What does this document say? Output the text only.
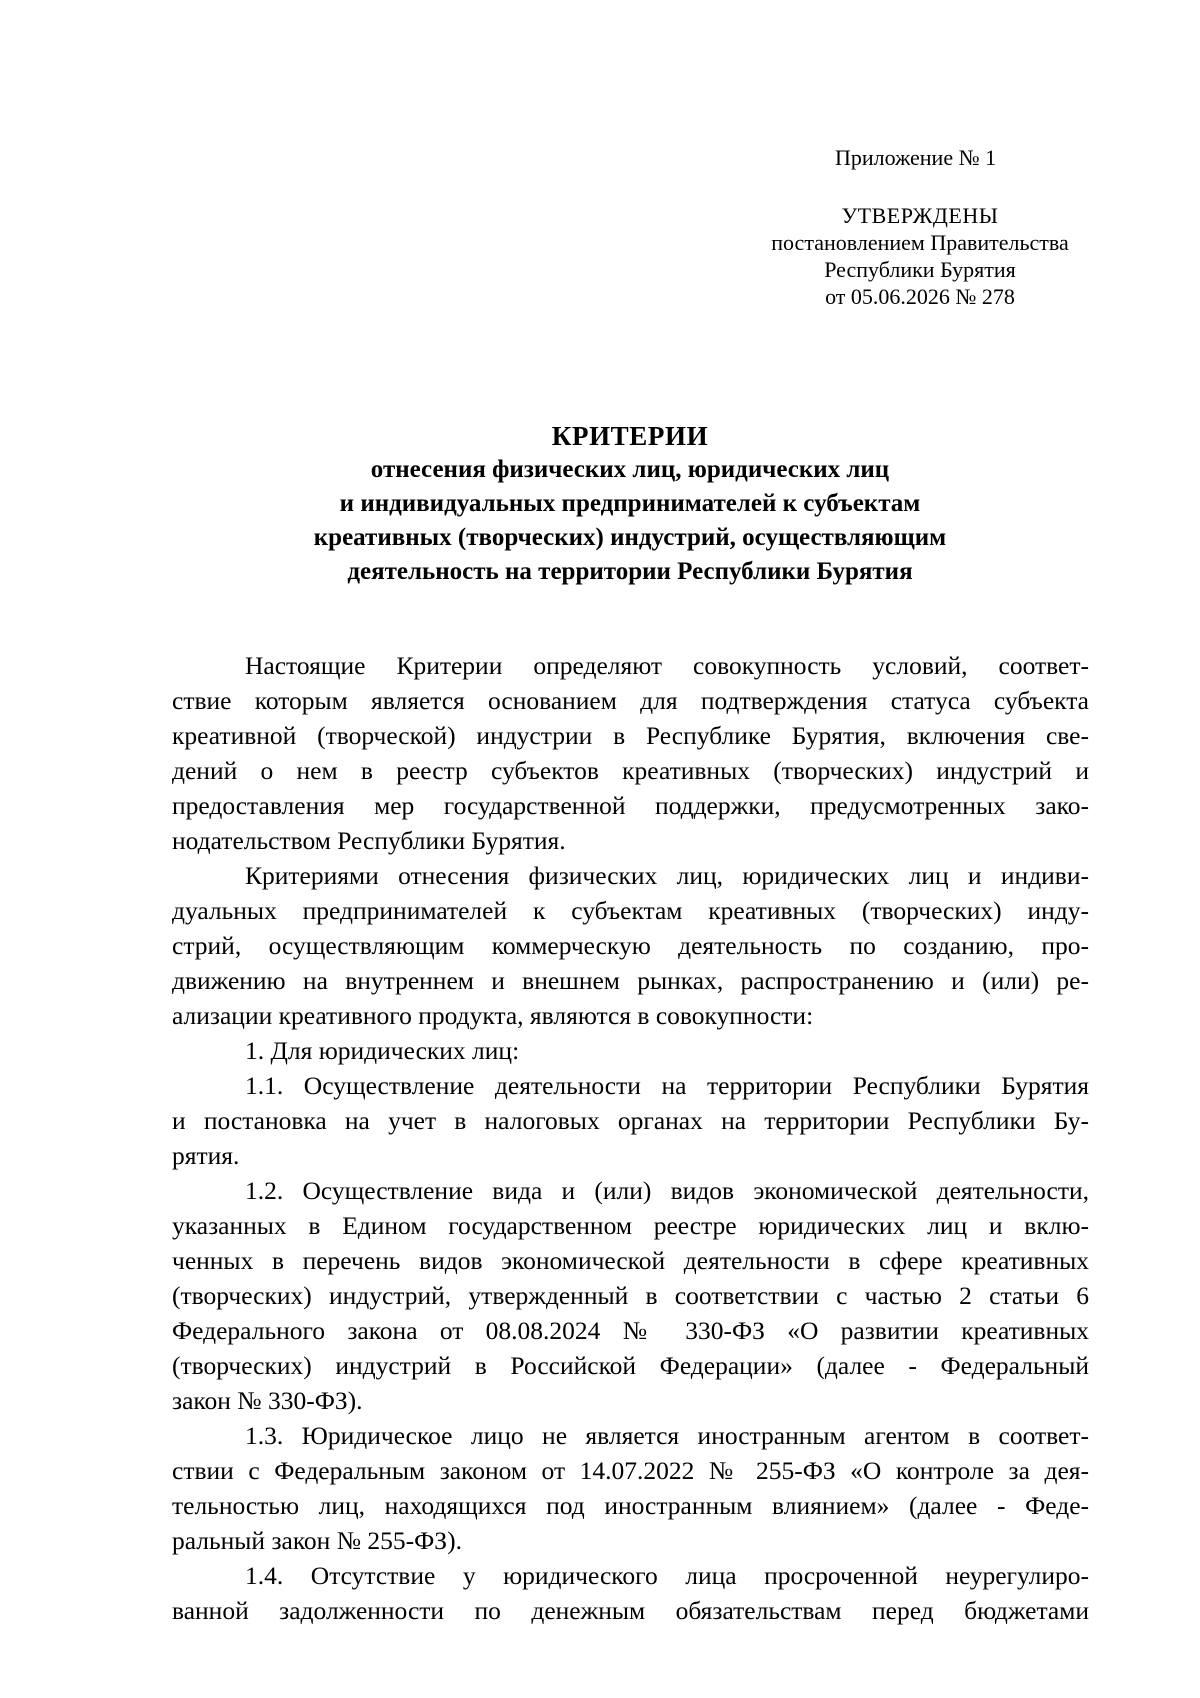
Приложение № 1
УТВЕРЖДЕНЫ
постановлением Правительства
Республики Бурятия
от 05.06.2026 № 278
КРИТЕРИИ
отнесения физических лиц, юридических лиц
и индивидуальных предпринимателей к субъектам
креативных (творческих) индустрий, осуществляющим
деятельность на территории Республики Бурятия
Настоящие Критерии определяют совокупность условий, соответ-
ствие которым является основанием для подтверждения статуса субъекта
креативной (творческой) индустрии в Республике Бурятия, включения све-
дений о нем в реестр субъектов креативных (творческих) индустрий и
предоставления мер государственной поддержки, предусмотренных зако-
нодательством Республики Бурятия.
Критериями отнесения физических лиц, юридических лиц и индиви-
дуальных предпринимателей к субъектам креативных (творческих) инду-
стрий, осуществляющим коммерческую деятельность по созданию, про-
движению на внутреннем и внешнем рынках, распространению и (или) ре-
ализации креативного продукта, являются в совокупности:
1. Для юридических лиц:
1.1. Осуществление деятельности на территории Республики Бурятия
и постановка на учет в налоговых органах на территории Республики Бу-
рятия.
1.2. Осуществление вида и (или) видов экономической деятельности,
указанных в Едином государственном реестре юридических лиц и вклю-
ченных в перечень видов экономической деятельности в сфере креативных
(творческих) индустрий, утвержденный в соответствии с частью 2 статьи 6
Федерального закона от 08.08.2024 № 330-ФЗ «О развитии креативных
(творческих) индустрий в Российской Федерации» (далее - Федеральный
закон № 330-ФЗ).
1.3. Юридическое лицо не является иностранным агентом в соответ-
ствии с Федеральным законом от 14.07.2022 № 255-ФЗ «О контроле за дея-
тельностью лиц, находящихся под иностранным влиянием» (далее - Феде-
ральный закон № 255-ФЗ).
1.4. Отсутствие у юридического лица просроченной неурегулиро-
ванной задолженности по денежным обязательствам перед бюджетами
